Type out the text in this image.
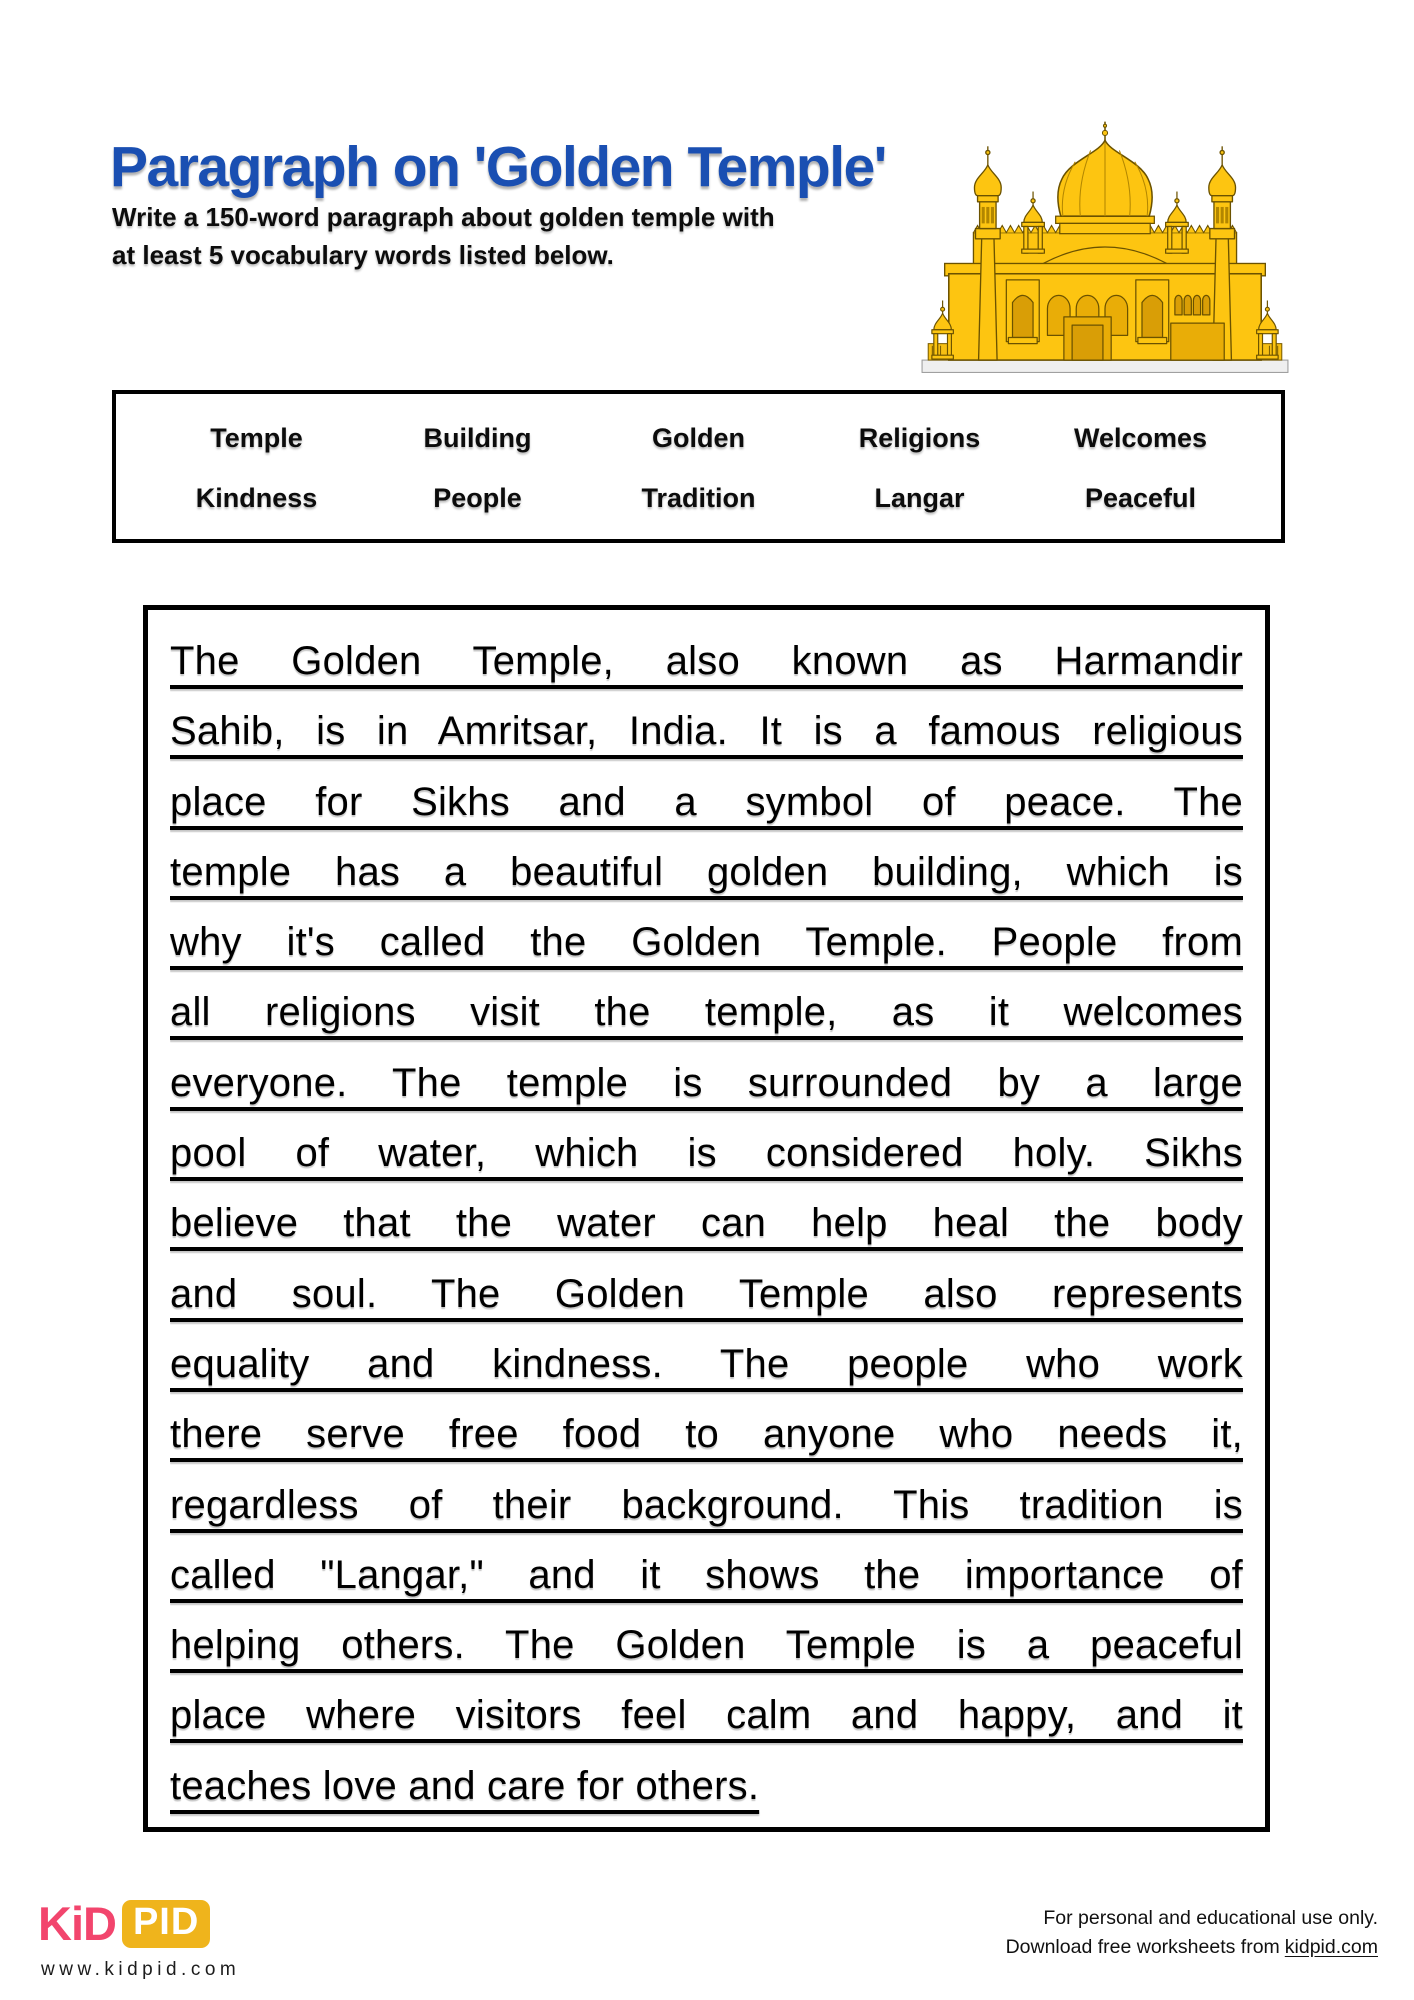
Paragraph on 'Golden Temple'
Write a 150-word paragraph about golden temple with
at least 5 vocabulary words listed below.
Temple	Building	Golden	Religions	Welcomes
Kindness	People	Tradition	Langar	Peaceful
The Golden Temple, also known as Harmandir
Sahib, is in Amritsar, India. It is a famous religious
place for Sikhs and a symbol of peace. The
temple has a beautiful golden building, which is
why it's called the Golden Temple. People from
all religions visit the temple, as it welcomes
everyone. The temple is surrounded by a large
pool of water, which is considered holy. Sikhs
believe that the water can help heal the body
and soul. The Golden Temple also represents
equality and kindness. The people who work
there serve free food to anyone who needs it,
regardless of their background. This tradition is
called "Langar," and it shows the importance of
helping others. The Golden Temple is a peaceful
place where visitors feel calm and happy, and it
teaches love and care for others.
KiD PID
www.kidpid.com
For personal and educational use only.
Download free worksheets from kidpid.com
